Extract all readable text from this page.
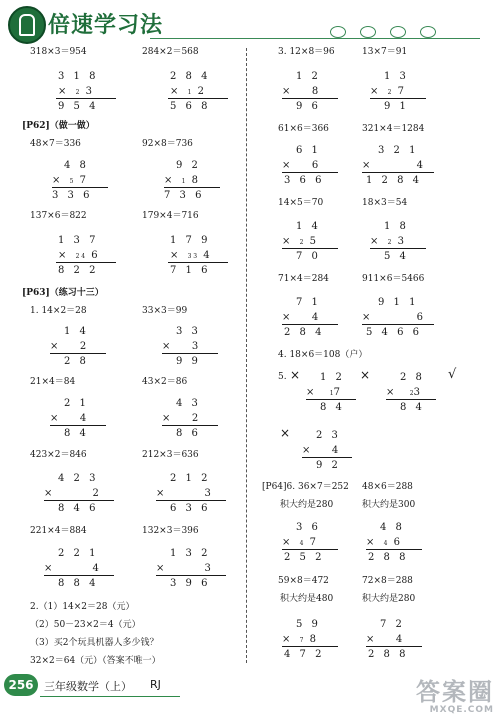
倍速学习法
318×3＝954	284×2＝568
3 1 8
× 2 3
9 5 4
2 8 4
× 1 2
5 6 8
[P62]（做一做）
48×7＝336	92×8＝736
4 8
× 5 7
3 3 6
9 2
× 1 8
7 3 6
137×6＝822	179×4＝716
1 3 7
× 2 4 6
8 2 2
1 7 9
× 3 3 4
7 1 6
[P63]（练习十三）
1. 14×2＝28	33×3＝99
1 4
×   2
2 8
3 3
×   3
9 9
21×4＝84	43×2＝86
2 1
×   4
8 4
4 3
×   2
8 6
423×2＝846	212×3＝636
4 2 3
×      2
8 4 6
2 1 2
×      3
6 3 6
221×4＝884	132×3＝396
2 2 1
×      4
8 8 4
1 3 2
×      3
3 9 6
2.（1）14×2＝28（元）
（2）50－23×2＝4（元）
（3）买2个玩具机器人多少钱？
32×2＝64（元）（答案不唯一）
3. 12×8＝96	13×7＝91
1 2
×   8
9 6
1 3
× 2 7
9 1
61×6＝366	321×4＝1284
6 1
×   6
3 6 6
3 2 1
×       4
1 2 8 4
14×5＝70	18×3＝54
1 4
× 2 5
7 0
1 8
× 2 3
5 4
71×4＝284	911×6＝5466
7 1
×   4
2 8 4
9 1 1
×       6
5 4 6 6
4. 18×6＝108（户）
5. × 1 2
×  17
8 4
×	2 8
×  23
8 4
√
×	2 3
×   4
9 2
[P64]6. 36×7＝252 48×6＝288
积大约是280	积大约是300
3 6
× 4 7
2 5 2
4 8
× 4 6
2 8 8
59×8＝472	72×8＝288
积大约是480	积大约是280
5 9
× 7 8
4 7 2
7 2
×   4
2 8 8
256 三年级数学（上） RJ	答案圈
MXQE.COM
